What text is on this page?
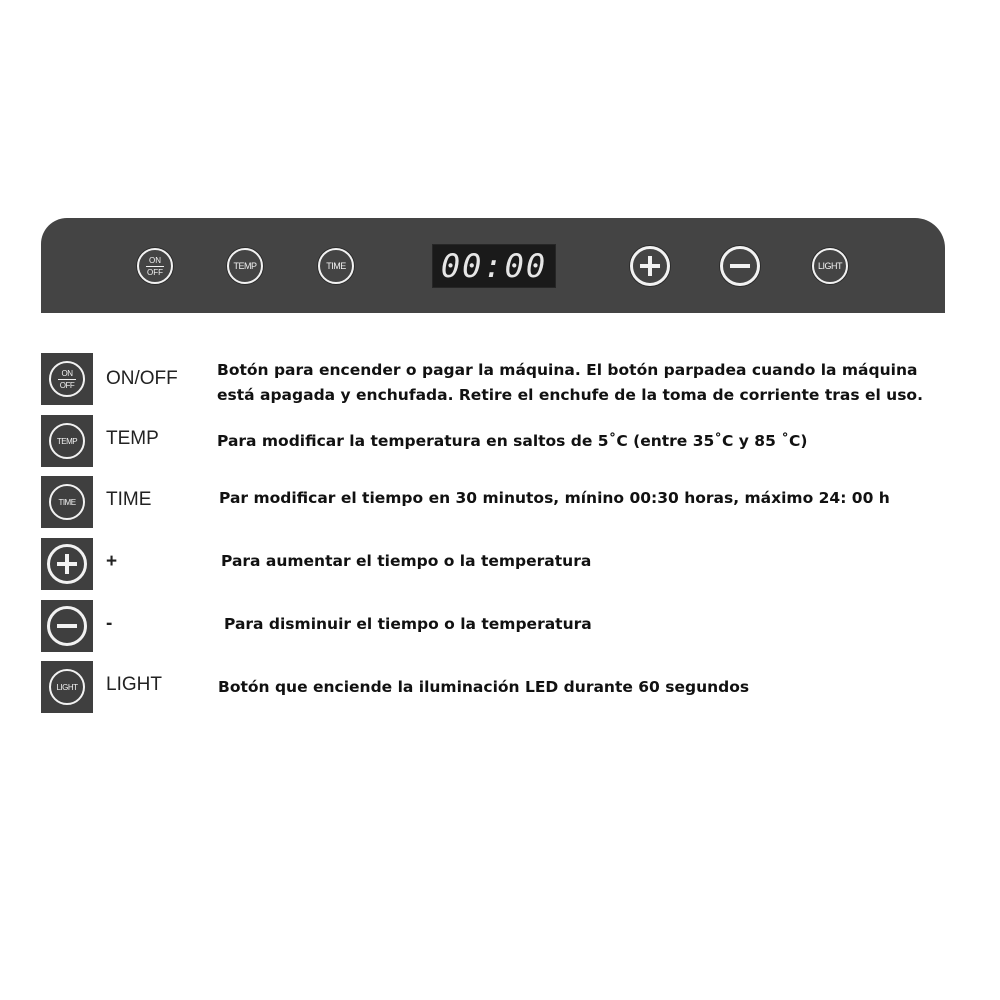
ON
OFF
TEMP	TIME	00:00	LIGHT
ON
OFF ON/OFF	Botón para encender o pagar la máquina. El botón parpadea cuando la máquina
está apagada y enchufada. Retire el enchufe de la toma de corriente tras el uso.
TEMP TEMP	Para modificar la temperatura en saltos de 5˚C (entre 35˚C y 85 ˚C)
TIME TIME	Par modificar el tiempo en 30 minutos, mínino 00:30 horas, máximo 24: 00 h
+	Para aumentar el tiempo o la temperatura
-	Para disminuir el tiempo o la temperatura
LIGHT LIGHT	Botón que enciende la iluminación LED durante 60 segundos
